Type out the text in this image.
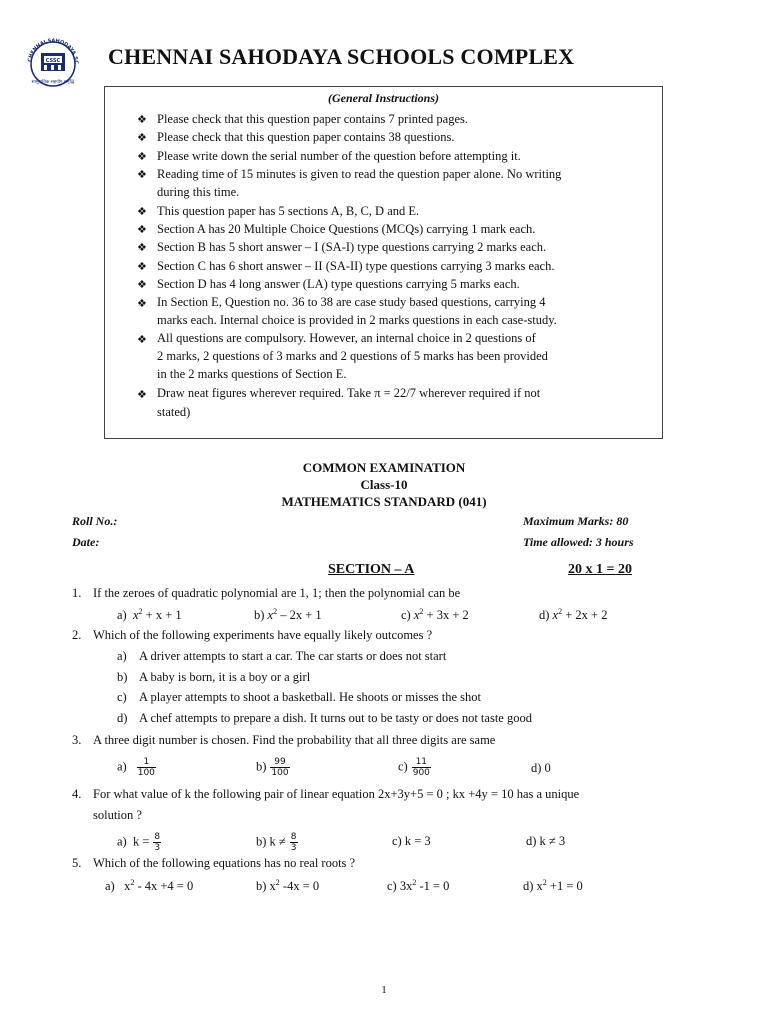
CHENNAI SAHODAYA SC
CSSC
सामुदायिक सहयोग समृद्धि
CHENNAI SAHODAYA SCHOOLS COMPLEX
(General Instructions)
❖ Please check that this question paper contains 7 printed pages.
❖ Please check that this question paper contains 38 questions.
❖ Please write down the serial number of the question before attempting it.
❖ Reading time of 15 minutes is given to read the question paper alone. No writing
during this time.
❖ This question paper has 5 sections A, B, C, D and E.
❖ Section A has 20 Multiple Choice Questions (MCQs) carrying 1 mark each.
❖ Section B has 5 short answer – I (SA-I) type questions carrying 2 marks each.
❖ Section C has 6 short answer – II (SA-II) type questions carrying 3 marks each.
❖ Section D has 4 long answer (LA) type questions carrying 5 marks each.
❖ In Section E, Question no. 36 to 38 are case study based questions, carrying 4
marks each. Internal choice is provided in 2 marks questions in each case-study.
❖ All questions are compulsory. However, an internal choice in 2 questions of
2 marks, 2 questions of 3 marks and 2 questions of 5 marks has been provided
in the 2 marks questions of Section E.
❖ Draw neat figures wherever required. Take π = 22/7 wherever required if not
stated)
COMMON EXAMINATION
Class-10
MATHEMATICS STANDARD (041)
Roll No.:	Maximum Marks: 80
Date:	Time allowed: 3 hours
SECTION – A	20 x 1 = 20
1. If the zeroes of quadratic polynomial are 1, 1; then the polynomial can be
a) $x^2 + x + 1$	b) $x^2 - 2x + 1$	c) $x^2 + 3x + 2$	d) $x^2 + 2x + 2$
2. Which of the following experiments have equally likely outcomes ?
a) A driver attempts to start a car. The car starts or does not start
b) A baby is born, it is a boy or a girl
c) A player attempts to shoot a basketball. He shoots or misses the shot
d) A chef attempts to prepare a dish. It turns out to be tasty or does not taste good
3. A three digit number is chosen. Find the probability that all three digits are same
$a) \frac{1}{100}$	$b) \frac{99}{100}$	$c) \frac{11}{900}$	d) 0
4. For what value of k the following pair of linear equation 2x+3y+5 = 0 ; kx +4y = 10 has a unique
solution ?
a) $k = \frac{8}{3}$	b) $k \ne \frac{8}{3}$	c) k = 3	d) k ≠ 3
5. Which of the following equations has no real roots ?
a) $x^2 - 4x +4 = 0$	b) $x^2$ -4x = 0	c) $3x^2$ -1 = 0	d) $x^2 +1 = 0$
1
